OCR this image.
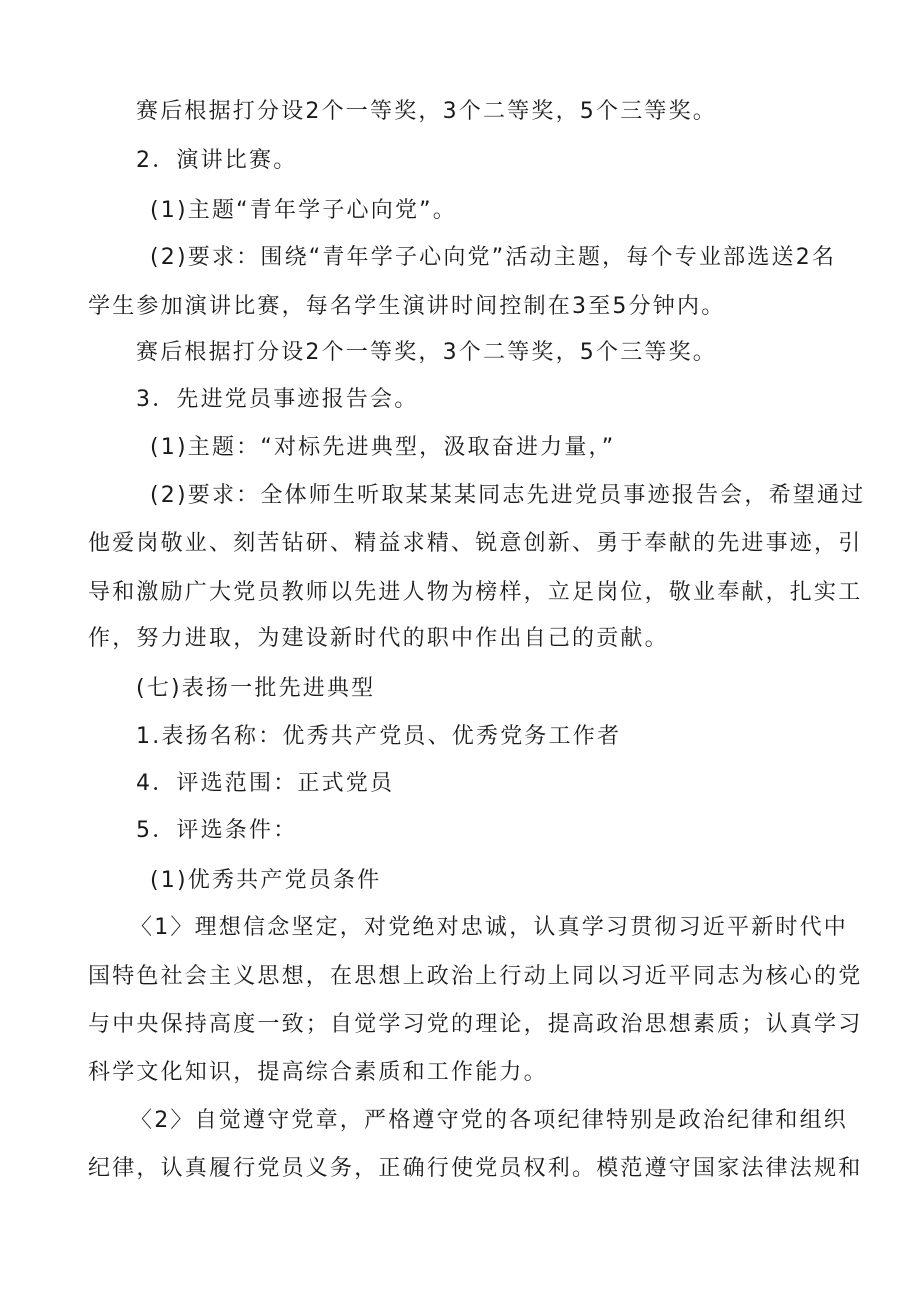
赛后根据打分设2个一等奖，3个二等奖，5个三等奖。
2．演讲比赛。
(1)主题“青年学子心向党”。
(2)要求：围绕“青年学子心向党”活动主题，每个专业部选送2名
学生参加演讲比赛，每名学生演讲时间控制在3至5分钟内。
赛后根据打分设2个一等奖，3个二等奖，5个三等奖。
3．先进党员事迹报告会。
(1)主题：“对标先进典型，汲取奋进力量，”
(2)要求：全体师生听取某某某同志先进党员事迹报告会，希望通过
他爱岗敬业、刻苦钻研、精益求精、锐意创新、勇于奉献的先进事迹，引
导和激励广大党员教师以先进人物为榜样，立足岗位，敬业奉献，扎实工
作，努力进取，为建设新时代的职中作出自己的贡献。
(七)表扬一批先进典型
1.表扬名称：优秀共产党员、优秀党务工作者
4．评选范围：正式党员
5．评选条件：
(1)优秀共产党员条件
〈1〉理想信念坚定，对党绝对忠诚，认真学习贯彻习近平新时代中
国特色社会主义思想，在思想上政治上行动上同以习近平同志为核心的党
与中央保持高度一致；自觉学习党的理论，提高政治思想素质；认真学习
科学文化知识，提高综合素质和工作能力。
〈2〉自觉遵守党章，严格遵守党的各项纪律特别是政治纪律和组织
纪律，认真履行党员义务，正确行使党员权利。模范遵守国家法律法规和
